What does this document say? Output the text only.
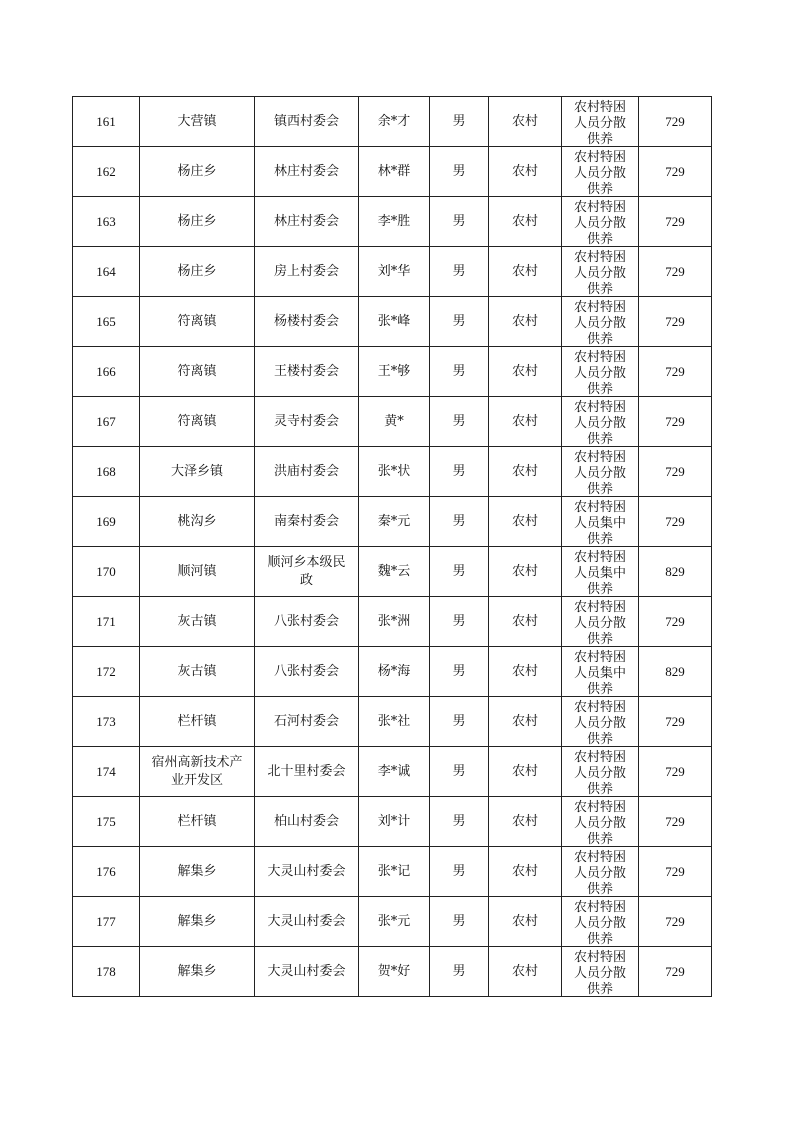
161	大营镇	镇西村委会	余*才	男	农村	农村特困
人员分散
供养	729
162	杨庄乡	林庄村委会	林*群	男	农村	农村特困
人员分散
供养	729
163	杨庄乡	林庄村委会	李*胜	男	农村	农村特困
人员分散
供养	729
164	杨庄乡	房上村委会	刘*华	男	农村	农村特困
人员分散
供养	729
165	符离镇	杨楼村委会	张*峰	男	农村	农村特困
人员分散
供养	729
166	符离镇	王楼村委会	王*够	男	农村	农村特困
人员分散
供养	729
167	符离镇	灵寺村委会	黄*	男	农村	农村特困
人员分散
供养	729
168	大泽乡镇	洪庙村委会	张*状	男	农村	农村特困
人员分散
供养	729
169	桃沟乡	南秦村委会	秦*元	男	农村	农村特困
人员集中
供养	729
170	顺河镇	顺河乡本级民
政	魏*云	男	农村	农村特困
人员集中
供养	829
171	灰古镇	八张村委会	张*洲	男	农村	农村特困
人员分散
供养	729
172	灰古镇	八张村委会	杨*海	男	农村	农村特困
人员集中
供养	829
173	栏杆镇	石河村委会	张*社	男	农村	农村特困
人员分散
供养	729
174	宿州高新技术产
业开发区	北十里村委会	李*诚	男	农村	农村特困
人员分散
供养	729
175	栏杆镇	柏山村委会	刘*计	男	农村	农村特困
人员分散
供养	729
176	解集乡	大灵山村委会	张*记	男	农村	农村特困
人员分散
供养	729
177	解集乡	大灵山村委会	张*元	男	农村	农村特困
人员分散
供养	729
178	解集乡	大灵山村委会	贺*好	男	农村	农村特困
人员分散
供养	729
